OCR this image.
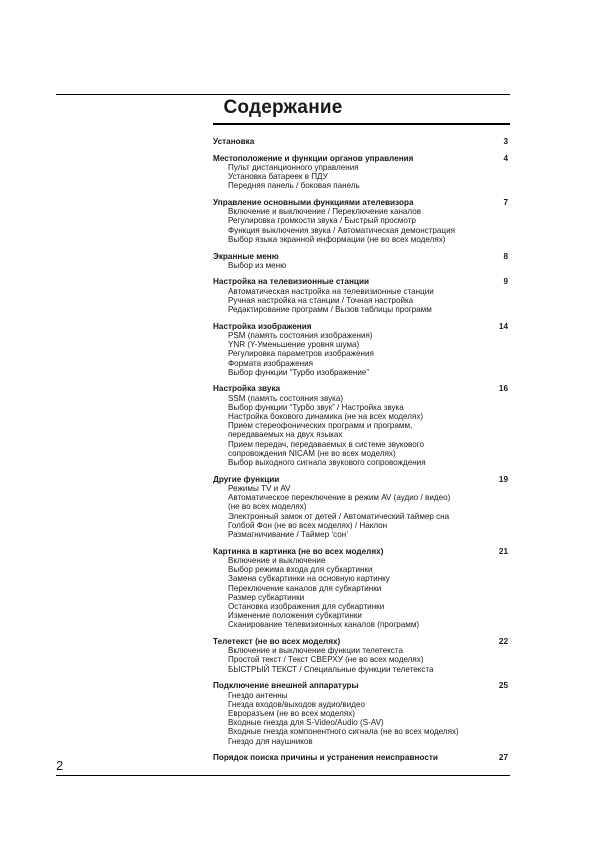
Содержание
Установка	3
Местоположение и функции органов управления	4
Пульт дистанционного управления
Установка батареек в ПДУ
Передняя панель / боковая панель
Управление основными функциями ателевизора	7
Включение и выключение / Переключение каналов
Регулировка громкости звука / Быстрый просмотр
Функция выключения звука / Автоматическая демонстрация
Выбор языка экранной информации (не во всех моделях)
Экранные меню	8
Выбор из меню
Настройка на телевизионные станции	9
Автоматическая настройка на телевизионные станции
Ручная настройка на станции / Точная настройка
Редактирование программ / Вызов таблицы программ
Настройка изображения	14
PSM (память состояния изображения)
YNR (Y-Уменьшение уровня шума)
Регулировка параметров изображения
Формата изображения
Выбор функции “Турбо изображение”
Настройка звука	16
SSM (память состояния звука)
Выбор функции “Турбо звук” / Настройка звука
Настройка бокового динамика (не на всех моделях)
Прием стереофонических программ и программ,
передаваемых на двух языках
Прием передач, передаваемых в системе звукового
сопровождения NICAM (не во всех моделях)
Выбор выходного сигнала звукового сопровождения
Другие функции	19
Режимы TV и AV
Автоматическое переключение в режим AV (аудио / видео)
(не во всех моделях)
Электронный замок от детей / Автоматический таймер сна
Голбой Фон (не во всех моделях) / Наклон
Размагничивание / Таймер ‘сон’
Картинка в картинка (не во всех моделях)	21
Включение и выключение
Выбор режима входа для субкартинки
Замена субкартинки на основную картинку
Переключение каналов для субкартинки
Размер субкартинки
Остановка изображения для субкартинки
Изменение положения субкартинки
Сканирование телевизионных каналов (программ)
Телетекст (не во всех моделях)	22
Включение и выключение функции телетекста
Простой текст / Текст СВЕРХУ (не во всех моделях)
БЫСТРЫЙ ТЕКСТ / Специальные функции телетекста
Подключение внешней аппаратуры	25
Гнездо антенны
Гнезда входов/выходов аудио/видео
Евроразъем (не во всех моделях)
Входные гнезда для S-Video/Audio (S-AV)
Входные гнезда компонентного сигнала (не во всех моделях)
Гнездо для наушников
Порядок поиска причины и устранения неисправности	27
2
